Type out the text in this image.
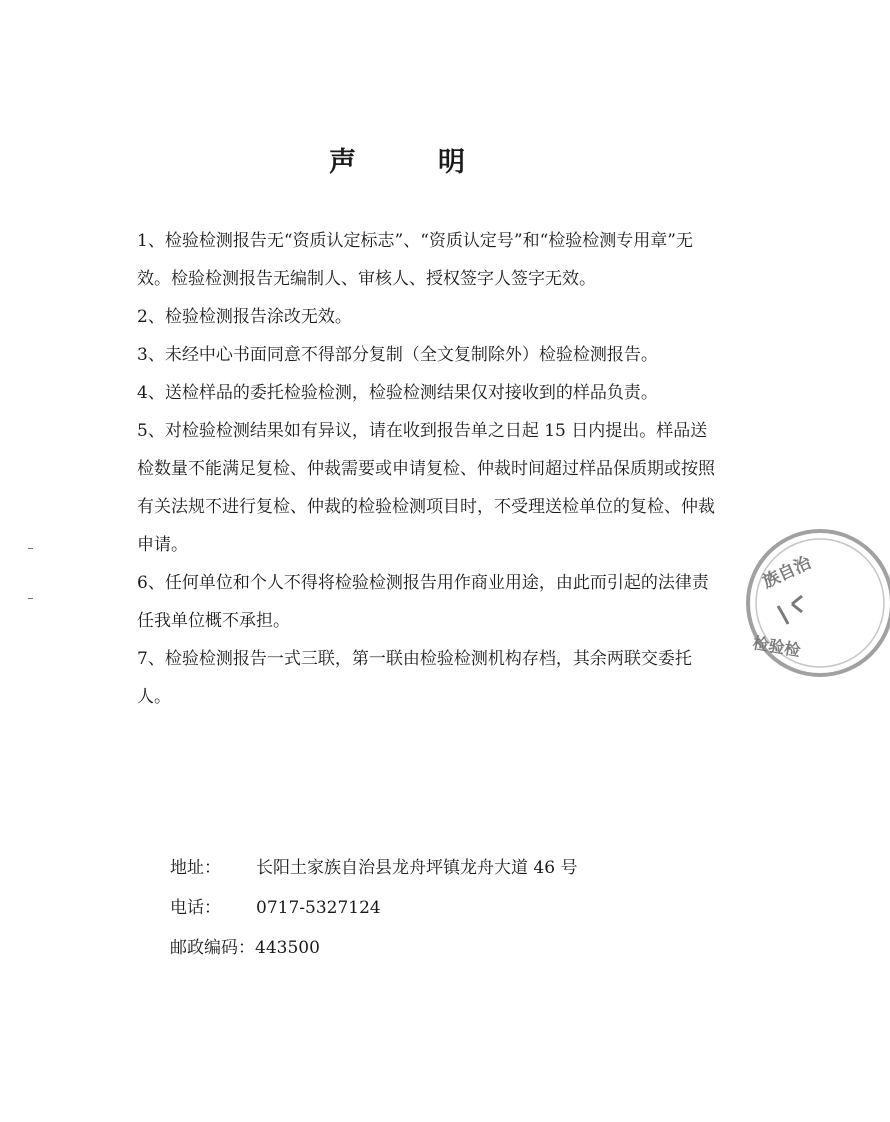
声	明

1、检验检测报告无“资质认定标志”、“资质认定号”和“检验检测专用章”无效。检验检测报告无编制人、审核人、授权签字人签字无效。

2、检验检测报告涂改无效。

3、未经中心书面同意不得部分复制（全文复制除外）检验检测报告。

4、送检样品的委托检验检测，检验检测结果仅对接收到的样品负责。

5、对检验检测结果如有异议，请在收到报告单之日起 15 日内提出。样品送检数量不能满足复检、仲裁需要或申请复检、仲裁时间超过样品保质期或按照有关法规不进行复检、仲裁的检验检测项目时，不受理送检单位的复检、仲裁申请。

6、任何单位和个人不得将检验检测报告用作商业用途，由此而引起的法律责任我单位概不承担。

7、检验检测报告一式三联，第一联由检验检测机构存档，其余两联交委托人。

地址： 长阳土家族自治县龙舟坪镇龙舟大道 46 号
电话： 0717-5327124
邮政编码：443500
族自治
检验检
